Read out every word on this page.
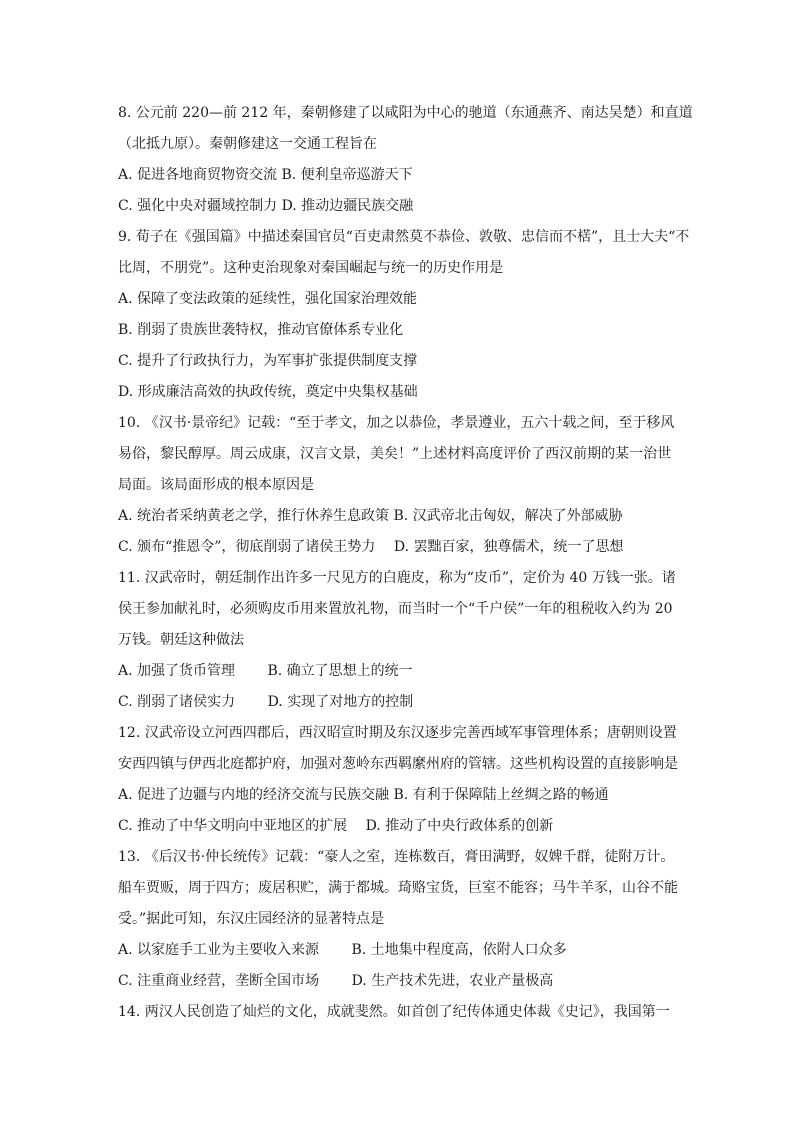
8. 公元前 220—前 212 年，秦朝修建了以咸阳为中心的驰道（东通燕齐、南达吴楚）和直道
（北抵九原）。秦朝修建这一交通工程旨在
A. 促进各地商贸物资交流 B. 便利皇帝巡游天下
C. 强化中央对疆域控制力 D. 推动边疆民族交融
9. 荀子在《强国篇》中描述秦国官员“百吏肃然莫不恭俭、敦敬、忠信而不楛”，且士大夫“不
比周，不朋党”。这种吏治现象对秦国崛起与统一的历史作用是
A. 保障了变法政策的延续性，强化国家治理效能
B. 削弱了贵族世袭特权，推动官僚体系专业化
C. 提升了行政执行力，为军事扩张提供制度支撑
D. 形成廉洁高效的执政传统，奠定中央集权基础
10. 《汉书·景帝纪》记载：“至于孝文，加之以恭俭，孝景遵业，五六十载之间，至于移风
易俗，黎民醇厚。周云成康，汉言文景，美矣！”上述材料高度评价了西汉前期的某一治世
局面。该局面形成的根本原因是
A. 统治者采纳黄老之学，推行休养生息政策 B. 汉武帝北击匈奴，解决了外部威胁
C. 颁布“推恩令”，彻底削弱了诸侯王势力 D. 罢黜百家，独尊儒术，统一了思想
11. 汉武帝时，朝廷制作出许多一尺见方的白鹿皮，称为“皮币”，定价为 40 万钱一张。诸
侯王参加献礼时，必须购皮币用来置放礼物，而当时一个“千户侯”一年的租税收入约为 20
万钱。朝廷这种做法
A. 加强了货币管理 B. 确立了思想上的统一
C. 削弱了诸侯实力 D. 实现了对地方的控制
12. 汉武帝设立河西四郡后，西汉昭宣时期及东汉逐步完善西域军事管理体系；唐朝则设置
安西四镇与伊西北庭都护府，加强对葱岭东西羁縻州府的管辖。这些机构设置的直接影响是
A. 促进了边疆与内地的经济交流与民族交融 B. 有利于保障陆上丝绸之路的畅通
C. 推动了中华文明向中亚地区的扩展 D. 推动了中央行政体系的创新
13. 《后汉书·仲长统传》记载：“豪人之室，连栋数百，膏田满野，奴婢千群，徒附万计。
船车贾贩，周于四方；废居积贮，满于都城。琦赂宝货，巨室不能容；马牛羊豕，山谷不能
受。”据此可知，东汉庄园经济的显著特点是
A. 以家庭手工业为主要收入来源 B. 土地集中程度高，依附人口众多
C. 注重商业经营，垄断全国市场 D. 生产技术先进，农业产量极高
14. 两汉人民创造了灿烂的文化，成就斐然。如首创了纪传体通史体裁《史记》，我国第一
